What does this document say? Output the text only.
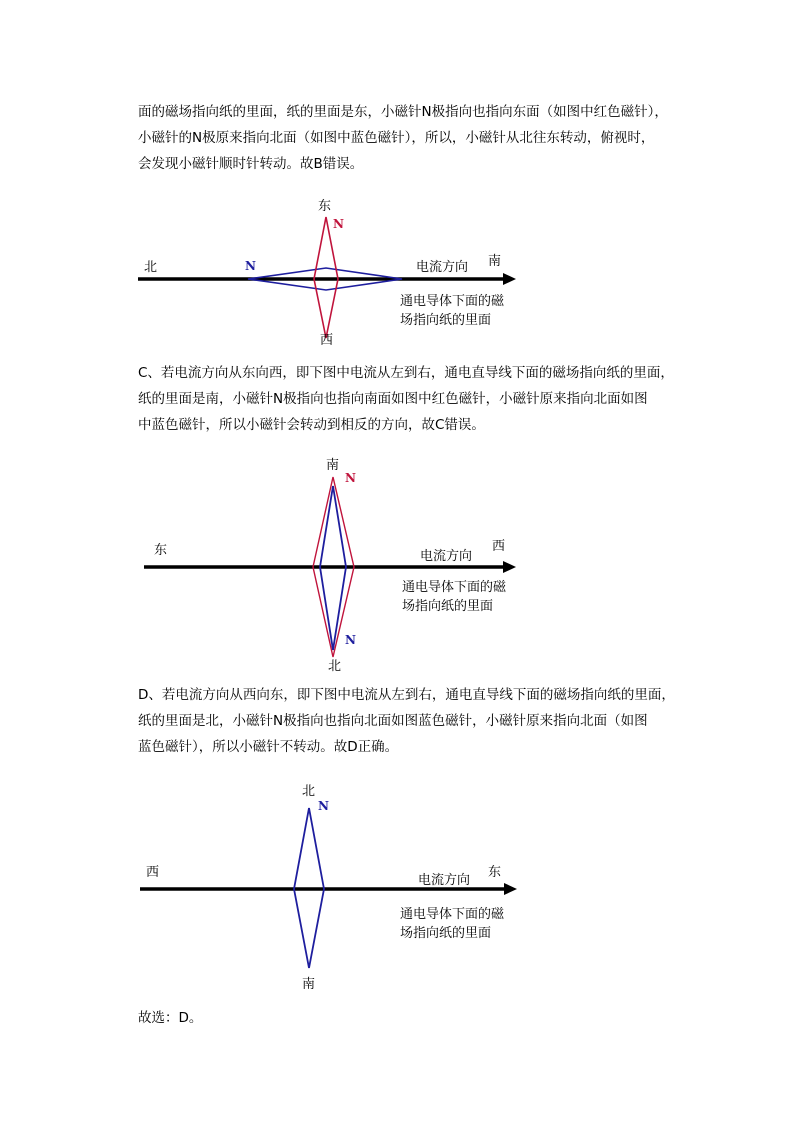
面的磁场指向纸的里面，纸的里面是东，小磁针N极指向也指向东面（如图中红色磁针），
小磁针的N极原来指向北面（如图中蓝色磁针），所以，小磁针从北往东转动，俯视时，
会发现小磁针顺时针转动。故B错误。
东
西
北	南
N
N	电流方向
通电导体下面的磁
场指向纸的里面
C、若电流方向从东向西，即下图中电流从左到右，通电直导线下面的磁场指向纸的里面，
纸的里面是南，小磁针N极指向也指向南面如图中红色磁针，小磁针原来指向北面如图
中蓝色磁针，所以小磁针会转动到相反的方向，故C错误。
南
北
东	西
N
N
电流方向
通电导体下面的磁
场指向纸的里面
D、若电流方向从西向东，即下图中电流从左到右，通电直导线下面的磁场指向纸的里面，
纸的里面是北，小磁针N极指向也指向北面如图蓝色磁针，小磁针原来指向北面（如图
蓝色磁针），所以小磁针不转动。故D正确。
北
南
西	东
N
电流方向
通电导体下面的磁
场指向纸的里面
故选：D。
